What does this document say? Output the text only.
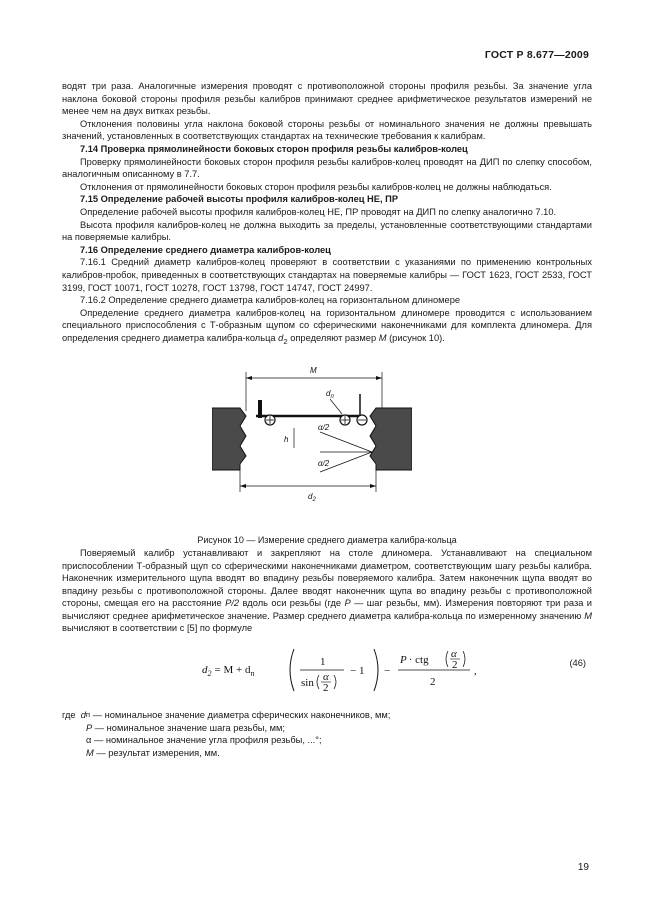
ГОСТ Р 8.677—2009

водят три раза. Аналогичные измерения проводят с противоположной стороны профиля резьбы. За значение угла наклона боковой стороны профиля резьбы калибров принимают среднее арифметическое результатов измерений не менее чем на двух витках резьбы.

Отклонения половины угла наклона боковой стороны резьбы от номинального значения не должны превышать значений, установленных в соответствующих стандартах на технические требования к калибрам.

7.14 Проверка прямолинейности боковых сторон профиля резьбы калибров-колец

Проверку прямолинейности боковых сторон профиля резьбы калибров-колец проводят на ДИП по слепку способом, аналогичным описанному в 7.7.

Отклонения от прямолинейности боковых сторон профиля резьбы калибров-колец не должны наблюдаться.

7.15 Определение рабочей высоты профиля калибров-колец НЕ, ПР

Определение рабочей высоты профиля калибров-колец НЕ, ПР проводят на ДИП по слепку аналогично 7.10.

Высота профиля калибров-колец не должна выходить за пределы, установленные соответствующими стандартами на поверяемые калибры.

7.16 Определение среднего диаметра калибров-колец

7.16.1 Средний диаметр калибров-колец проверяют в соответствии с указаниями по применению контрольных калибров-пробок, приведенных в соответствующих стандартах на поверяемые калибры — ГОСТ 1623, ГОСТ 2533, ГОСТ 3199, ГОСТ 10071, ГОСТ 10278, ГОСТ 13798, ГОСТ 14747, ГОСТ 24997.

7.16.2 Определение среднего диаметра калибров-колец на горизонтальном длиномере

Определение среднего диаметра калибров-колец на горизонтальном длиномере проводится с использованием специального приспособления с Т-образным щупом со сферическими наконечниками для комплекта длиномера. Для определения среднего диаметра калибра-кольца $d_2$ определяют размер M (рисунок 10).

M
$d_п$
h
α/2
α/2
$d_2$

Рисунок 10 — Измерение среднего диаметра калибра-кольца

Поверяемый калибр устанавливают и закрепляют на столе длиномера. Устанавливают на специальном приспособлении Т-образный щуп со сферическими наконечниками диаметром, соответствующим шагу резьбы калибра. Наконечник измерительного щупа вводят во впадину резьбы поверяемого калибра. Затем наконечник щупа вводят во впадину резьбы с противоположной стороны. Далее вводят наконечник щупа во впадину резьбы с противоположной стороны, смещая его на расстояние P/2 вдоль оси резьбы (где P — шаг резьбы, мм). Измерения повторяют три раза и вычисляют среднее арифметическое значение. Размер среднего диаметра калибра-кольца по измеренному значению M вычисляют в соответствии с [5] по формуле

$d_2 = M + d_п$
1
sin α
2
− 1 −
P · ctg α
2
2
,
(46)
где d п — номинальное значение диаметра сферических наконечников, мм;
P — номинальное значение шага резьбы, мм;
α — номинальное значение угла профиля резьбы, ...°;
M — результат измерения, мм.
19
